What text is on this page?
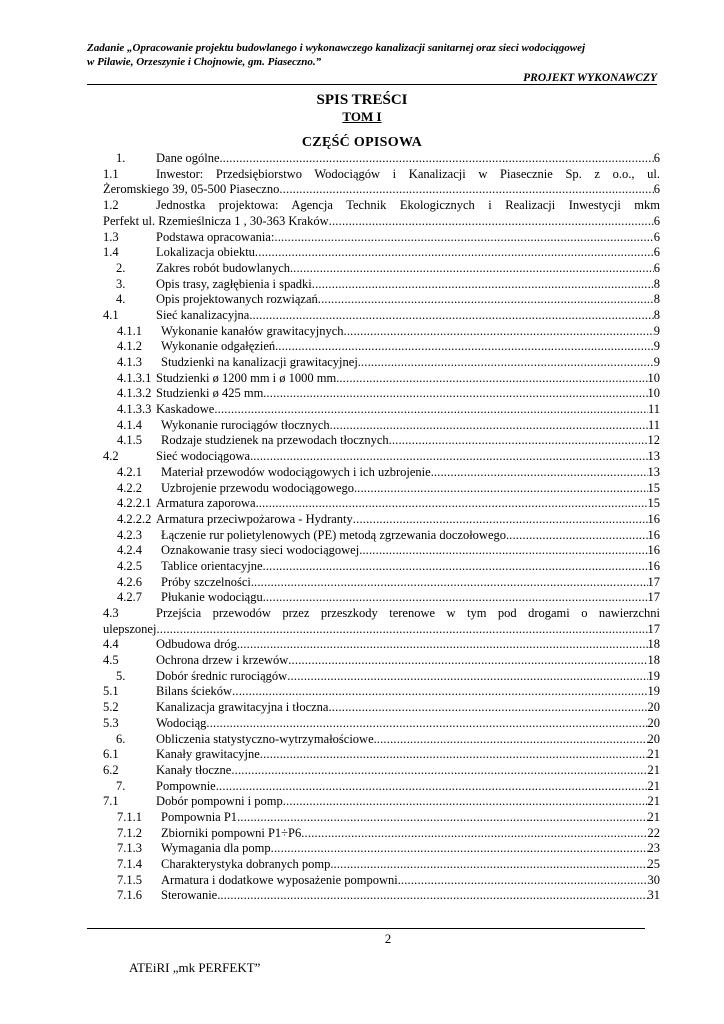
Zadanie „Opracowanie projektu budowlanego i wykonawczego kanalizacji sanitarnej oraz sieci wodociągowej
w Pilawie, Orzeszynie i Chojnowie, gm. Piaseczno.”
PROJEKT WYKONAWCZY
SPIS TREŚCI
TOM I
CZĘŚĆ OPISOWA
1.	Dane ogólne. .....	6
1.1	Inwestor: Przedsiębiorstwo Wodociągów i Kanalizacji w Piasecznie Sp. z o.o., ul.
Żeromskiego 39, 05-500 Piaseczno .....	6
1.2	Jednostka projektowa: Agencja Technik Ekologicznych i Realizacji Inwestycji mkm
Perfekt ul. Rzemieślnicza 1 , 30-363 Kraków .....	6
1.3	Podstawa opracowania: .....	6
1.4	Lokalizacja obiektu .....	6
2.	Zakres robót budowlanych. .....	6
3.	Opis trasy, zagłębienia i spadki .....	8
4.	Opis projektowanych rozwiązań .....	8
4.1	Sieć kanalizacyjna. .....	8
4.1.1	Wykonanie kanałów grawitacyjnych .....	9
4.1.2	Wykonanie odgałęzień. .....	9
4.1.3	Studzienki na kanalizacji grawitacyjnej. .....	9
4.1.3.1 Studzienki ø 1200 mm i ø 1000 mm. .....	10
4.1.3.2 Studzienki ø 425 mm. .....	10
4.1.3.3 Kaskadowe .....	11
4.1.4	Wykonanie rurociągów tłocznych .....	11
4.1.5	Rodzaje studzienek na przewodach tłocznych. .....	12
4.2	Sieć wodociągowa. .....	13
4.2.1	Materiał przewodów wodociągowych i ich uzbrojenie. .....	13
4.2.2	Uzbrojenie przewodu wodociągowego. .....	15
4.2.2.1 Armatura zaporowa. .....	15
4.2.2.2 Armatura przeciwpożarowa - Hydranty .....	16
4.2.3	Łączenie rur polietylenowych (PE) metodą zgrzewania doczołowego. .....	16
4.2.4	Oznakowanie trasy sieci wodociągowej. .....	16
4.2.5	Tablice orientacyjne .....	16
4.2.6	Próby szczelności. .....	17
4.2.7	Płukanie wodociągu. .....	17
4.3	Przejścia przewodów przez przeszkody terenowe w tym pod drogami o nawierzchni
ulepszonej .....	17
4.4	Odbudowa dróg. .....	18
4.5	Ochrona drzew i krzewów .....	18
5.	Dobór średnic rurociągów .....	19
5.1	Bilans ścieków .....	19
5.2	Kanalizacja grawitacyjna i tłoczna .....	20
5.3	Wodociąg .....	20
6.	Obliczenia statystyczno-wytrzymałościowe. .....	20
6.1	Kanały grawitacyjne .....	21
6.2	Kanały tłoczne .....	21
7.	Pompownie .....	21
7.1	Dobór pompowni i pomp .....	21
7.1.1	Pompownia P1 .....	21
7.1.2	Zbiorniki pompowni P1÷P6 .....	22
7.1.3	Wymagania dla pomp .....	23
7.1.4	Charakterystyka dobranych pomp. .....	25
7.1.5	Armatura i dodatkowe wyposażenie pompowni. .....	30
7.1.6	Sterowanie. .....	31
2
ATEiRI „mk PERFEKT”
